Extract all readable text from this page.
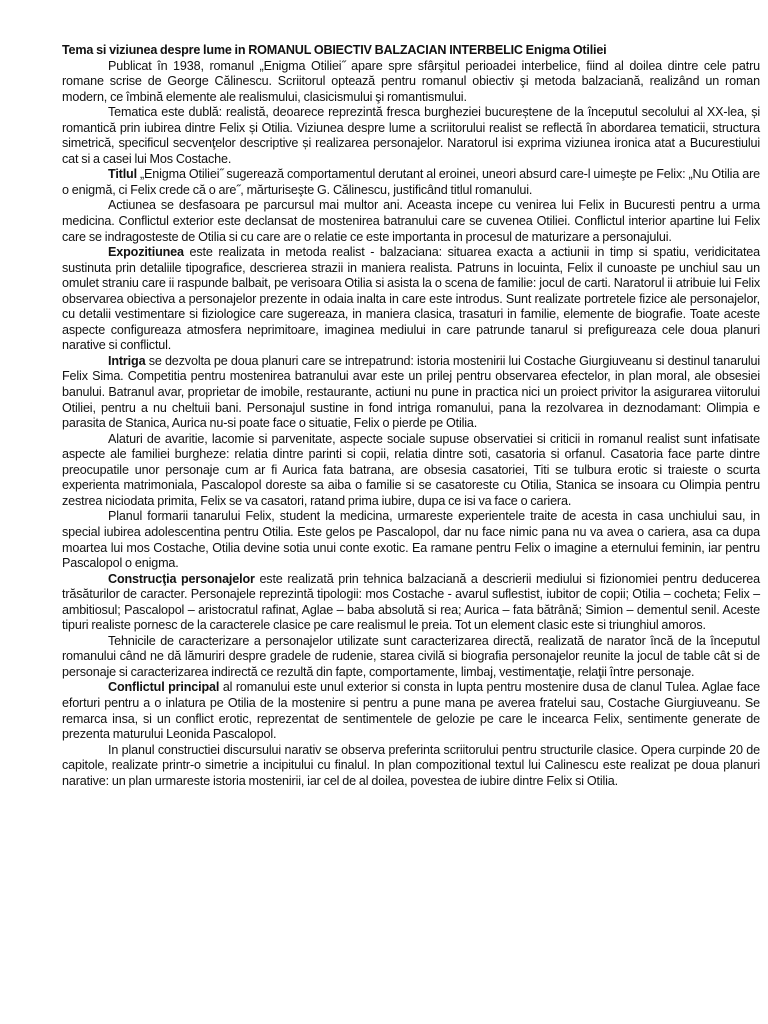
Tema si viziunea despre lume in ROMANUL OBIECTIV BALZACIAN INTERBELIC Enigma Otiliei

Publicat în 1938, romanul „Enigma Otiliei˝ apare spre sfârşitul perioadei interbelice, fiind al doilea dintre cele patru romane scrise de George Călinescu. Scriitorul optează pentru romanul obiectiv şi metoda balzaciană, realizând un roman modern, ce îmbină elemente ale realismului, clasicismului şi romantismului.

Tematica este dublă: realistă, deoarece reprezintă fresca burgheziei bucureștene de la începutul secolului al XX-lea, și romantică prin iubirea dintre Felix și Otilia. Viziunea despre lume a scriitorului realist se reflectă în abordarea tematicii, structura simetrică, specificul secvenţelor descriptive și realizarea personajelor. Naratorul isi exprima viziunea ironica atat a Bucurestiului cat si a casei lui Mos Costache.

Titlul „Enigma Otiliei˝ sugerează comportamentul derutant al eroinei, uneori absurd care-l uimeşte pe Felix: „Nu Otilia are o enigmă, ci Felix crede că o are˝, mărturiseşte G. Călinescu, justificând titlul romanului.

Actiunea se desfasoara pe parcursul mai multor ani. Aceasta incepe cu venirea lui Felix in Bucuresti pentru a urma medicina. Conflictul exterior este declansat de mostenirea batranului care se cuvenea Otiliei. Conflictul interior apartine lui Felix care se indragosteste de Otilia si cu care are o relatie ce este importanta in procesul de maturizare a personajului.

Expozitiunea este realizata in metoda realist - balzaciana: situarea exacta a actiunii in timp si spatiu, veridicitatea sustinuta prin detaliile tipografice, descrierea strazii in maniera realista. Patruns in locuinta, Felix il cunoaste pe unchiul sau un omulet straniu care ii raspunde balbait, pe verisoara Otilia si asista la o scena de familie: jocul de carti. Naratorul ii atribuie lui Felix observarea obiectiva a personajelor prezente in odaia inalta in care este introdus. Sunt realizate portretele fizice ale personajelor, cu detalii vestimentare si fiziologice care sugereaza, in maniera clasica, trasaturi in familie, elemente de biografie. Toate aceste aspecte configureaza atmosfera neprimitoare, imaginea mediului in care patrunde tanarul si prefigureaza cele doua planuri narative si conflictul.

Intriga se dezvolta pe doua planuri care se intrepatrund: istoria mostenirii lui Costache Giurgiuveanu si destinul tanarului Felix Sima. Competitia pentru mostenirea batranului avar este un prilej pentru observarea efectelor, in plan moral, ale obsesiei banului. Batranul avar, proprietar de imobile, restaurante, actiuni nu pune in practica nici un proiect privitor la asigurarea viitorului Otiliei, pentru a nu cheltuii bani. Personajul sustine in fond intriga romanului, pana la rezolvarea in deznodamant: Olimpia e parasita de Stanica, Aurica nu-si poate face o situatie, Felix o pierde pe Otilia.

Alaturi de avaritie, lacomie si parvenitate, aspecte sociale supuse observatiei si criticii in romanul realist sunt infatisate aspecte ale familiei burgheze: relatia dintre parinti si copii, relatia dintre soti, casatoria si orfanul. Casatoria face parte dintre preocupatile unor personaje cum ar fi Aurica fata batrana, are obsesia casatoriei, Titi se tulbura erotic si traieste o scurta experienta matrimoniala, Pascalopol doreste sa aiba o familie si se casatoreste cu Otilia, Stanica se insoara cu Olimpia pentru zestrea niciodata primita, Felix se va casatori, ratand prima iubire, dupa ce isi va face o cariera.

Planul formarii tanarului Felix, student la medicina, urmareste experientele traite de acesta in casa unchiului sau, in special iubirea adolescentina pentru Otilia. Este gelos pe Pascalopol, dar nu face nimic pana nu va avea o cariera, asa ca dupa moartea lui mos Costache, Otilia devine sotia unui conte exotic. Ea ramane pentru Felix o imagine a eternului feminin, iar pentru Pascalopol o enigma.

Construcţia personajelor este realizată prin tehnica balzaciană a descrierii mediului si fizionomiei pentru deducerea trăsăturilor de caracter. Personajele reprezintă tipologii: mos Costache - avarul suflestist, iubitor de copii; Otilia – cocheta; Felix – ambitiosul; Pascalopol – aristocratul rafinat, Aglae – baba absolută si rea; Aurica – fata bătrână; Simion – dementul senil. Aceste tipuri realiste pornesc de la caracterele clasice pe care realismul le preia. Tot un element clasic este si triunghiul amoros.

Tehnicile de caracterizare a personajelor utilizate sunt caracterizarea directă, realizată de narator încă de la începutul romanului când ne dă lămuriri despre gradele de rudenie, starea civilă si biografia personajelor reunite la jocul de table cât si de personaje si caracterizarea indirectă ce rezultă din fapte, comportamente, limbaj, vestimentaţie, relaţii între personaje.

Conflictul principal al romanului este unul exterior si consta in lupta pentru mostenire dusa de clanul Tulea. Aglae face eforturi pentru a o inlatura pe Otilia de la mostenire si pentru a pune mana pe averea fratelui sau, Costache Giurgiuveanu. Se remarca insa, si un conflict erotic, reprezentat de sentimentele de gelozie pe care le incearca Felix, sentimente generate de prezenta maturului Leonida Pascalopol.

In planul constructiei discursului narativ se observa preferinta scriitorului pentru structurile clasice. Opera curpinde 20 de capitole, realizate printr-o simetrie a incipitului cu finalul. In plan compozitional textul lui Calinescu este realizat pe doua planuri narative: un plan urmareste istoria mostenirii, iar cel de al doilea, povestea de iubire dintre Felix si Otilia.
